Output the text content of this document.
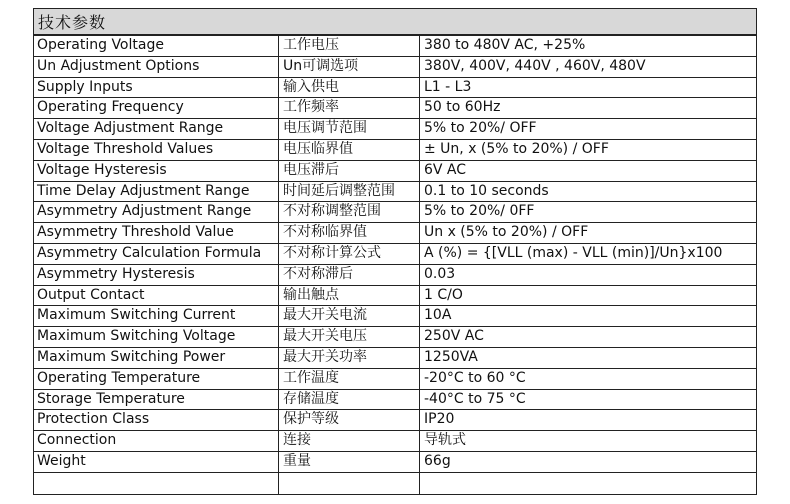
技术参数
Operating Voltage	工作电压	380 to 480V AC, +25%
Un Adjustment Options	Un可调选项	380V, 400V, 440V , 460V, 480V
Supply Inputs	输入供电	L1 - L3
Operating Frequency	工作频率	50 to 60Hz
Voltage Adjustment Range	电压调节范围	5% to 20%/ OFF
Voltage Threshold Values	电压临界值	± Un, x (5% to 20%) / OFF
Voltage Hysteresis	电压滞后	6V AC
Time Delay Adjustment Range	时间延后调整范围	0.1 to 10 seconds
Asymmetry Adjustment Range	不对称调整范围	5% to 20%/ 0FF
Asymmetry Threshold Value	不对称临界值	Un x (5% to 20%) / OFF
Asymmetry Calculation Formula	不对称计算公式	A (%) = {[VLL (max) - VLL (min)]/Un}x100
Asymmetry Hysteresis	不对称滞后	0.03
Output Contact	输出触点	1 C/O
Maximum Switching Current	最大开关电流	10A
Maximum Switching Voltage	最大开关电压	250V AC
Maximum Switching Power	最大开关功率	1250VA
Operating Temperature	工作温度	-20°C to 60 °C
Storage Temperature	存储温度	-40°C to 75 °C
Protection Class	保护等级	IP20
Connection	连接	导轨式
Weight	重量	66g
